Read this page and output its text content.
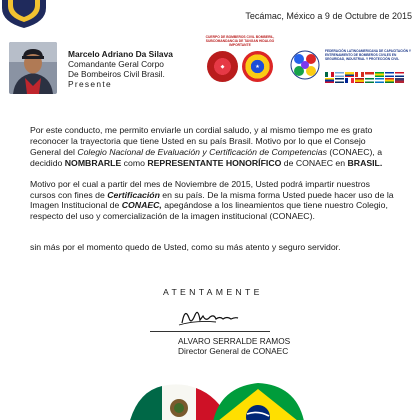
Tecámac, México a 9 de Octubre de 2015
Marcelo Adriano Da Silava
Comandante Geral Corpo
De Bombeiros Civil Brasil.
Presente
CUERPO DE BOMBEROS CIVIL BOMBERIL, SUBCOMANDANCIA DE TANGAN HIDALGO IMPORTANTE
◆	★
FEDERACIÓN LATINOAMERICANA DE CAPACITACIÓN Y ENTRENAMIENTO DE BOMBEROS CIVILES EN SEGURIDAD, INDUSTRIAL Y PROTECCIÓN CIVIL

Por este conducto, me permito enviarle un cordial saludo, y al mismo tiempo me es grato reconocer la trayectoria que tiene Usted en su país Brasil. Motivo por lo que el Consejo General del Colegio Nacional de Evaluación y Certificación de Competencias (CONAEC), a decidido NOMBRARLE como REPRESENTANTE HONORÍFICO de CONAEC en BRASIL.

Motivo por el cual a partir del mes de Noviembre de 2015, Usted podrá impartir nuestros cursos con fines de Certificación en su país. De la misma forma Usted puede hacer uso de la Imagen Institucional de CONAEC, apegándose a los lineamientos que tiene nuestro Colegio, respecto del uso y comercialización de la imagen institucional (CONAEC).

sin más por el momento quedo de Usted, como su más atento y seguro servidor.

ATENTAMENTE
ALVARO SERRALDE RAMOS
Director General de CONAEC
